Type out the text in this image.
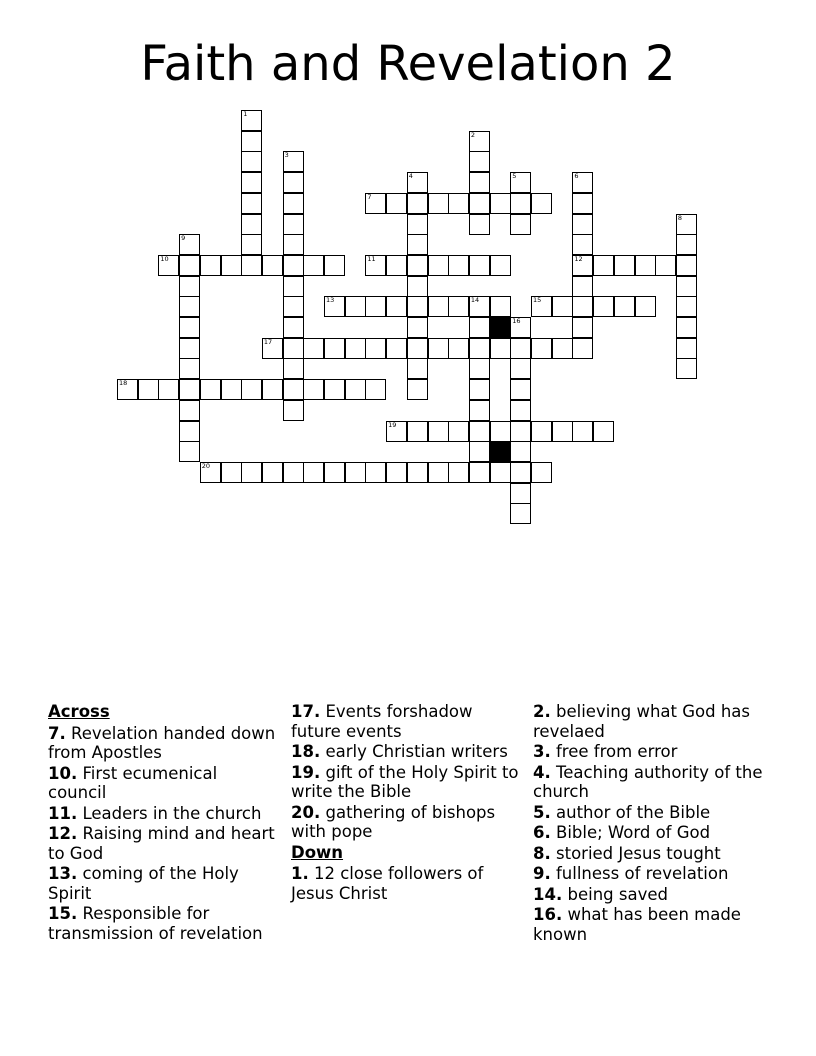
Faith and Revelation 2
1
2
3
4	5	6
12
7
8
9
10	11
13	14	15
16
17
18
19
20
Across
7. Revelation handed down from Apostles
10. First ecumenical council
11. Leaders in the church
12. Raising mind and heart to God
13. coming of the Holy Spirit
15. Responsible for transmission of revelation
17. Events forshadow future events
18. early Christian writers
19. gift of the Holy Spirit to write the Bible
20. gathering of bishops with pope
Down
1. 12 close followers of Jesus Christ
2. believing what God has revelaed
3. free from error
4. Teaching authority of the church
5. author of the Bible
6. Bible; Word of God
8. storied Jesus tought
9. fullness of revelation
14. being saved
16. what has been made known
